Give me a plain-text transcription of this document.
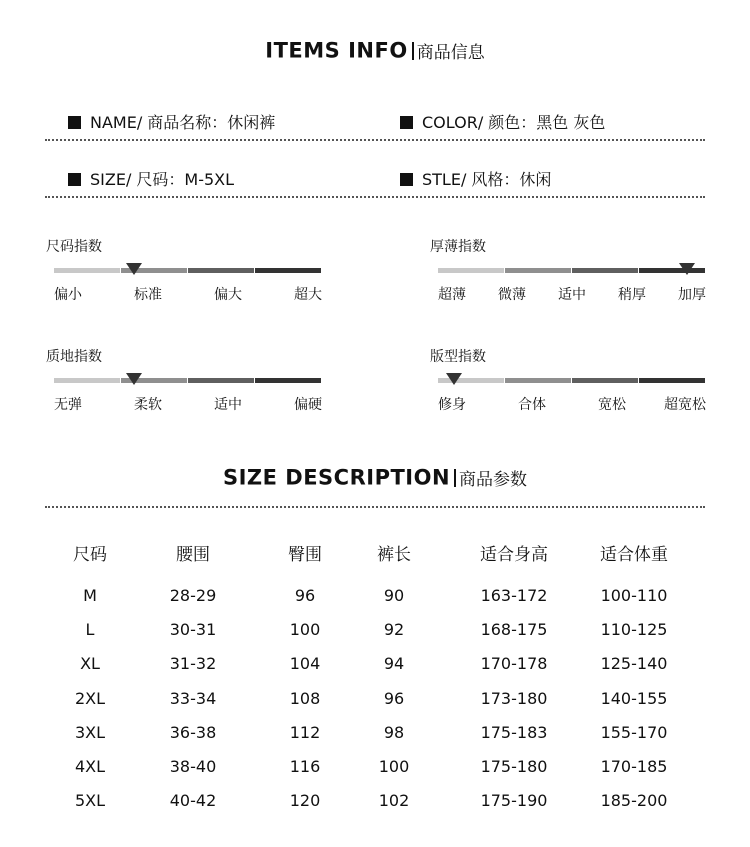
ITEMS INFO 商品信息
NAME/ 商品名称：休闲裤	COLOR/ 颜色：黑色 灰色
SIZE/ 尺码：M-5XL	STLE/ 风格：休闲
尺码指数
偏小	标准	偏大	超大
厚薄指数
超薄 微薄 适中 稍厚 加厚
质地指数
无弹	柔软	适中	偏硬
版型指数
修身	合体	宽松	超宽松
SIZE DESCRIPTION 商品参数
尺码	腰围	臀围	裤长	适合身高	适合体重
M	28-29	96	90	163-172	100-110
L	30-31	100	92	168-175	110-125
XL	31-32	104	94	170-178	125-140
2XL	33-34	108	96	173-180	140-155
3XL	36-38	112	98	175-183	155-170
4XL	38-40	116	100	175-180	170-185
5XL	40-42	120	102	175-190	185-200
